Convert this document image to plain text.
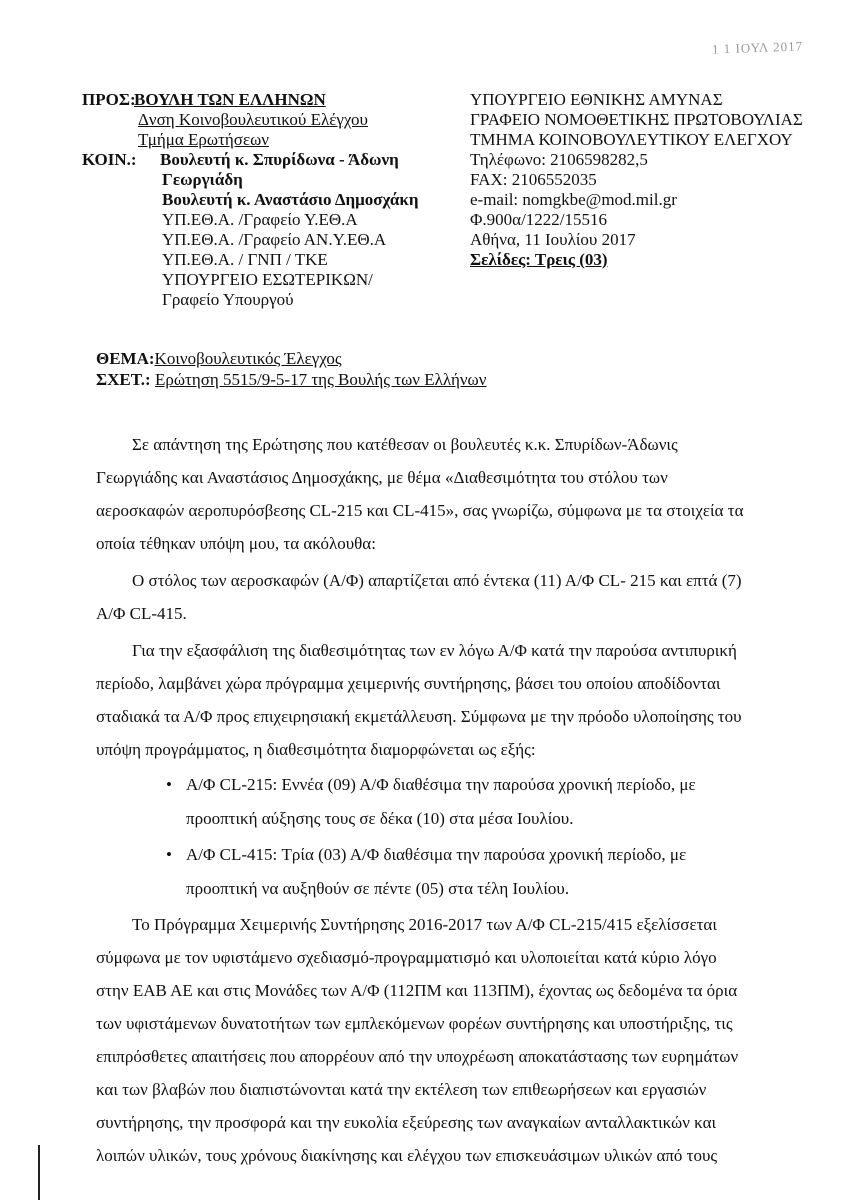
1 1 ΙΟΥΛ 2017
ΠΡΟΣ:
ΒΟΥΛΗ ΤΩΝ ΕΛΛΗΝΩΝ
Δνση Κοινοβουλευτικού Ελέγχου
Τμήμα Ερωτήσεων
ΚΟΙΝ.:	Βουλευτή κ. Σπυρίδωνα - Άδωνη
Γεωργιάδη
Βουλευτή κ. Αναστάσιο Δημοσχάκη
ΥΠ.ΕΘ.Α. /Γραφείο Υ.ΕΘ.Α
ΥΠ.ΕΘ.Α. /Γραφείο ΑΝ.Υ.ΕΘ.Α
ΥΠ.ΕΘ.Α. / ΓΝΠ / ΤΚΕ
ΥΠΟΥΡΓΕΙΟ ΕΣΩΤΕΡΙΚΩΝ/
Γραφείο Υπουργού
ΥΠΟΥΡΓΕΙΟ ΕΘΝΙΚΗΣ ΑΜΥΝΑΣ
ΓΡΑΦΕΙΟ ΝΟΜΟΘΕΤΙΚΗΣ ΠΡΩΤΟΒΟΥΛΙΑΣ
ΤΜΗΜΑ ΚΟΙΝΟΒΟΥΛΕΥΤΙΚΟΥ ΕΛΕΓΧΟΥ
Τηλέφωνο: 2106598282,5
FAX: 2106552035
e-mail: nomgkbe@mod.mil.gr
Φ.900α/1222/15516
Αθήνα, 11 Ιουλίου 2017
Σελίδες: Τρεις (03)
ΘΕΜΑ:Κοινοβουλευτικός Έλεγχος
ΣΧΕΤ.: Ερώτηση 5515/9-5-17 της Βουλής των Ελλήνων
Σε απάντηση της Ερώτησης που κατέθεσαν οι βουλευτές κ.κ. Σπυρίδων-Άδωνις
Γεωργιάδης και Αναστάσιος Δημοσχάκης, με θέμα «Διαθεσιμότητα του στόλου των
αεροσκαφών αεροπυρόσβεσης CL-215 και CL-415», σας γνωρίζω, σύμφωνα με τα στοιχεία τα
οποία τέθηκαν υπόψη μου, τα ακόλουθα:
Ο στόλος των αεροσκαφών (Α/Φ) απαρτίζεται από έντεκα (11) Α/Φ CL- 215 και επτά (7)
Α/Φ CL-415.
Για την εξασφάλιση της διαθεσιμότητας των εν λόγω Α/Φ κατά την παρούσα αντιπυρική
περίοδο, λαμβάνει χώρα πρόγραμμα χειμερινής συντήρησης, βάσει του οποίου αποδίδονται
σταδιακά τα Α/Φ προς επιχειρησιακή εκμετάλλευση. Σύμφωνα με την πρόοδο υλοποίησης του
υπόψη προγράμματος, η διαθεσιμότητα διαμορφώνεται ως εξής:
• Α/Φ CL-215: Εννέα (09) Α/Φ διαθέσιμα την παρούσα χρονική περίοδο, με
προοπτική αύξησης τους σε δέκα (10) στα μέσα Ιουλίου.
• Α/Φ CL-415: Τρία (03) Α/Φ διαθέσιμα την παρούσα χρονική περίοδο, με
προοπτική να αυξηθούν σε πέντε (05) στα τέλη Ιουλίου.
Το Πρόγραμμα Χειμερινής Συντήρησης 2016-2017 των Α/Φ CL-215/415 εξελίσσεται
σύμφωνα με τον υφιστάμενο σχεδιασμό-προγραμματισμό και υλοποιείται κατά κύριο λόγο
στην ΕΑΒ ΑΕ και στις Μονάδες των Α/Φ (112ΠΜ και 113ΠΜ), έχοντας ως δεδομένα τα όρια
των υφιστάμενων δυνατοτήτων των εμπλεκόμενων φορέων συντήρησης και υποστήριξης, τις
επιπρόσθετες απαιτήσεις που απορρέουν από την υποχρέωση αποκατάστασης των ευρημάτων
και των βλαβών που διαπιστώνονται κατά την εκτέλεση των επιθεωρήσεων και εργασιών
συντήρησης, την προσφορά και την ευκολία εξεύρεσης των αναγκαίων ανταλλακτικών και
λοιπών υλικών, τους χρόνους διακίνησης και ελέγχου των επισκευάσιμων υλικών από τους
